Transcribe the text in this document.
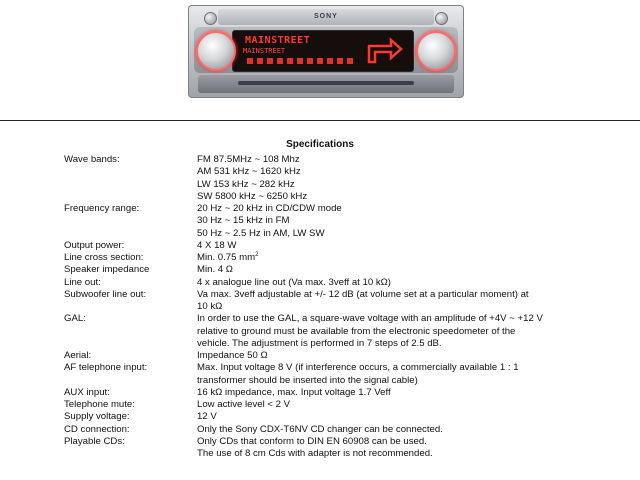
SONY
MAINSTREET
MAINSTREET
Specifications
Wave bands:	FM 87.5MHz ~ 108 Mhz
AM 531 kHz ~ 1620 kHz
LW 153 kHz ~ 282 kHz
SW 5800 kHz ~ 6250 kHz
Frequency range:	20 Hz ~ 20 kHz in CD/CDW mode
30 Hz ~ 15 kHz in FM
50 Hz ~ 2.5 Hz in AM, LW SW
Output power:	4 X 18 W
Line cross section:	Min. 0.75 $mm^2$
Speaker impedance	Min. 4 Ω
Line out:	4 x analogue line out (Va max. 3veff at 10 kΩ)
Subwoofer line out:	Va max. 3veff adjustable at +/- 12 dB (at volume set at a particular moment) at
10 kΩ
GAL:	In order to use the GAL, a square-wave voltage with an amplitude of +4V ~ +12 V
relative to ground must be available from the electronic speedometer of the
vehicle. The adjustment is performed in 7 steps of 2.5 dB.
Aerial:	Impedance 50 Ω
AF telephone input:	Max. Input voltage 8 V (if interference occurs, a commercially available 1 : 1
transformer should be inserted into the signal cable)
AUX input:	16 kΩ impedance, max. Input voltage 1.7 Veff
Telephone mute:	Low active level < 2 V
Supply voltage:	12 V
CD connection:	Only the Sony CDX-T6NV CD changer can be connected.
Playable CDs:	Only CDs that conform to DIN EN 60908 can be used.
The use of 8 cm Cds with adapter is not recommended.
